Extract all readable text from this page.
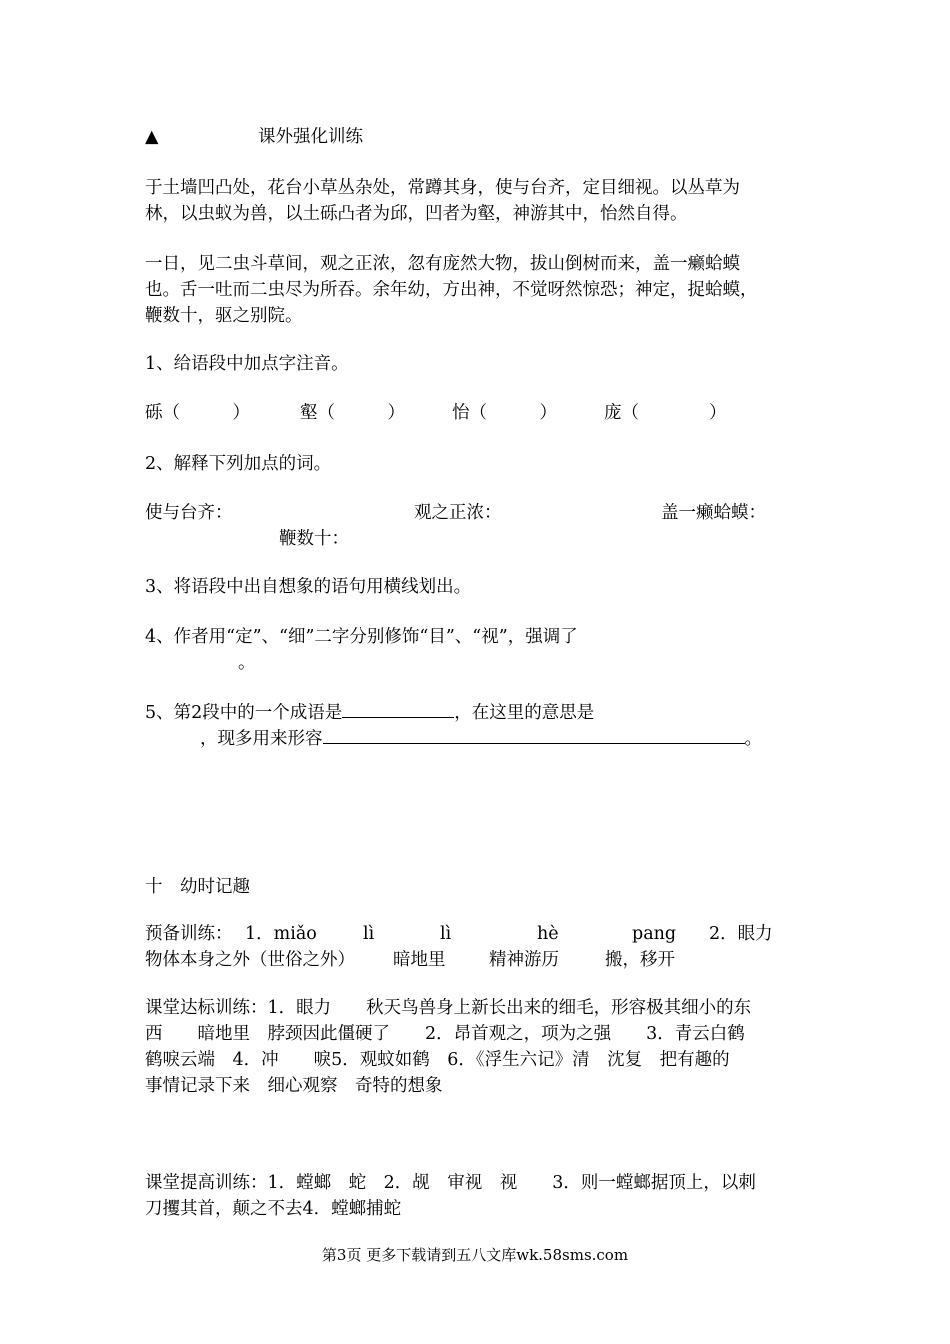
▲	课外强化训练
于土墙凹凸处，花台小草丛杂处，常蹲其身，使与台齐，定目细视。以丛草为
林，以虫蚁为兽，以土砾凸者为邱，凹者为壑，神游其中，怡然自得。
一日，见二虫斗草间，观之正浓，忽有庞然大物，拔山倒树而来，盖一癞蛤蟆
也。舌一吐而二虫尽为所吞。余年幼，方出神，不觉呀然惊恐；神定，捉蛤蟆，
鞭数十，驱之别院。
1、给语段中加点字注音。
砾（　　　）	壑（　　　）	怡（　　　）	庞（　　　　）
2、解释下列加点的词。
使与台齐：	观之正浓：	盖一癞蛤蟆：
鞭数十：
3、将语段中出自想象的语句用横线划出。
4、作者用“定”、“细”二字分别修饰“目”、“视”，强调了
。
5、第2段中的一个成语是	，在这里的意思是
，现多用来形容	。
十　幼时记趣
预备训练： 1．miǎo	lì	lì	hè	pang 2．眼力
物体本身之外（世俗之外） 暗地里 精神游历	搬，移开
课堂达标训练：1．眼力　　秋天鸟兽身上新长出来的细毛，形容极其细小的东
西　　暗地里　脖颈因此僵硬了　　2．昂首观之，项为之强　　3．青云白鹤
鹤唳云端　4．冲　　唳5．观蚊如鹤　6．《浮生六记》清　沈复　把有趣的
事情记录下来　细心观察　奇特的想象
课堂提高训练：1．螳螂　蛇　2．觇　审视　视　　3．则一螳螂据顶上，以刺
刀攫其首，颠之不去4．螳螂捕蛇
第3页 更多下载请到五八文库wk.58sms.com
